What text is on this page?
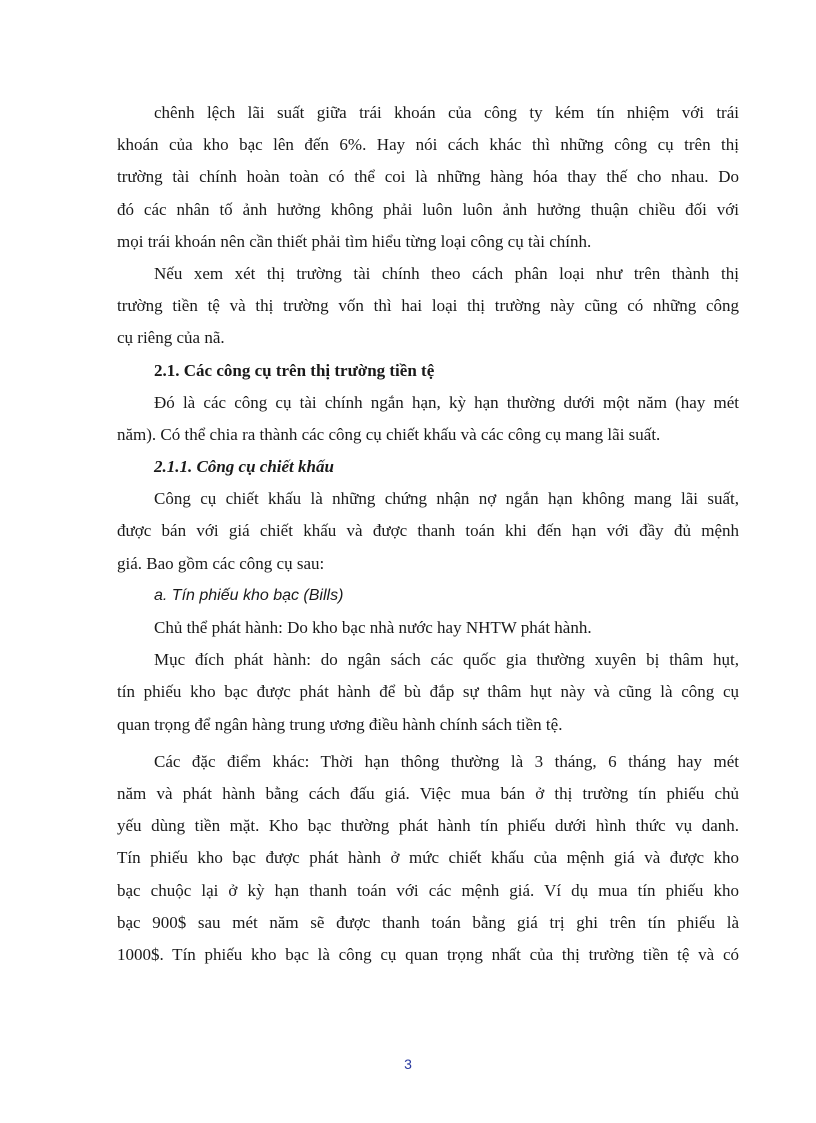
chênh lệch lãi suất giữa trái khoán của công ty kém tín nhiệm với trái
khoán của kho bạc lên đến 6%. Hay nói cách khác thì những công cụ trên thị
trường tài chính hoàn toàn có thể coi là những hàng hóa thay thế cho nhau. Do
đó các nhân tố ảnh hưởng không phải luôn luôn ảnh hưởng thuận chiều đối với
mọi trái khoán nên cần thiết phải tìm hiểu từng loại công cụ tài chính.
Nếu xem xét thị trường tài chính theo cách phân loại như trên thành thị
trường tiền tệ và thị trường vốn thì hai loại thị trường này cũng có những công
cụ riêng của nã.
2.1. Các công cụ trên thị trường tiền tệ
Đó là các công cụ tài chính ngắn hạn, kỳ hạn thường dưới một năm (hay mét
năm). Có thể chia ra thành các công cụ chiết khấu và các công cụ mang lãi suất.
2.1.1. Công cụ chiết khấu
Công cụ chiết khấu là những chứng nhận nợ ngắn hạn không mang lãi suất,
được bán với giá chiết khấu và được thanh toán khi đến hạn với đầy đủ mệnh
giá. Bao gồm các công cụ sau:
a. Tín phiếu kho bạc (Bills)
Chủ thể phát hành: Do kho bạc nhà nước hay NHTW phát hành.
Mục đích phát hành: do ngân sách các quốc gia thường xuyên bị thâm hụt,
tín phiếu kho bạc được phát hành để bù đắp sự thâm hụt này và cũng là công cụ
quan trọng để ngân hàng trung ương điều hành chính sách tiền tệ.
Các đặc điểm khác: Thời hạn thông thường là 3 tháng, 6 tháng hay mét
năm và phát hành bằng cách đấu giá. Việc mua bán ở thị trường tín phiếu chủ
yếu dùng tiền mặt. Kho bạc thường phát hành tín phiếu dưới hình thức vụ danh.
Tín phiếu kho bạc được phát hành ở mức chiết khấu của mệnh giá và được kho
bạc chuộc lại ở kỳ hạn thanh toán với các mệnh giá. Ví dụ mua tín phiếu kho
bạc 900$ sau mét năm sẽ được thanh toán bằng giá trị ghi trên tín phiếu là
1000$. Tín phiếu kho bạc là công cụ quan trọng nhất của thị trường tiền tệ và có
3
